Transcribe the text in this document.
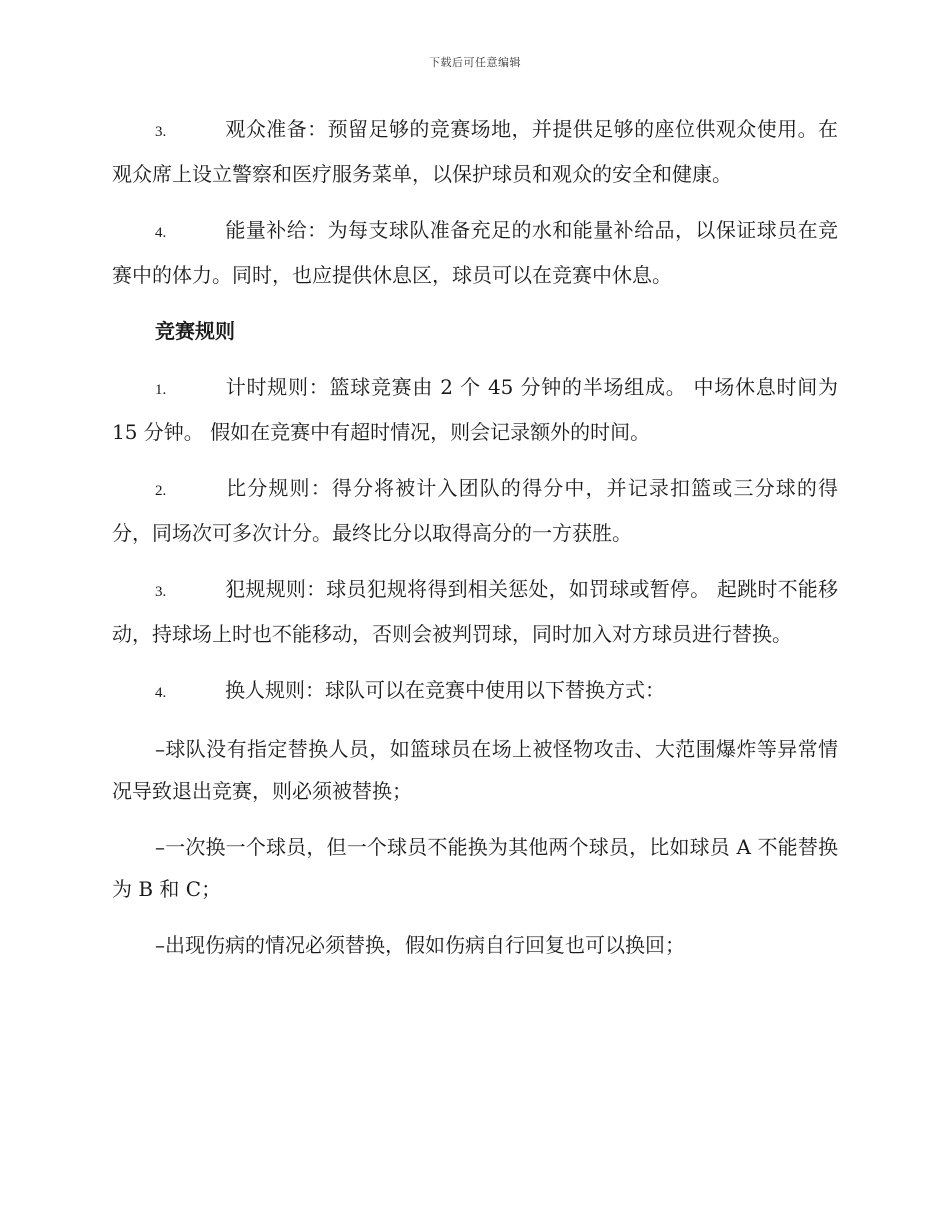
下载后可任意编辑

3.	观众准备：预留足够的竞赛场地，并提供足够的座位供观众使用。在观众席上设立警察和医疗服务菜单，以保护球员和观众的安全和健康。

4.	能量补给：为每支球队准备充足的水和能量补给品，以保证球员在竞赛中的体力。同时，也应提供休息区，球员可以在竞赛中休息。

竞赛规则

1.	计时规则：篮球竞赛由 2 个 45 分钟的半场组成。 中场休息时间为 15 分钟。 假如在竞赛中有超时情况，则会记录额外的时间。

2.	比分规则：得分将被计入团队的得分中，并记录扣篮或三分球的得分，同场次可多次计分。最终比分以取得高分的一方获胜。

3.	犯规规则：球员犯规将得到相关惩处，如罚球或暂停。 起跳时不能移动，持球场上时也不能移动，否则会被判罚球，同时加入对方球员进行替换。

4.	换人规则：球队可以在竞赛中使用以下替换方式：

–球队没有指定替换人员，如篮球员在场上被怪物攻击、大范围爆炸等异常情况导致退出竞赛，则必须被替换；

–一次换一个球员，但一个球员不能换为其他两个球员，比如球员 A 不能替换为 B 和 C；

–出现伤病的情况必须替换，假如伤病自行回复也可以换回；
